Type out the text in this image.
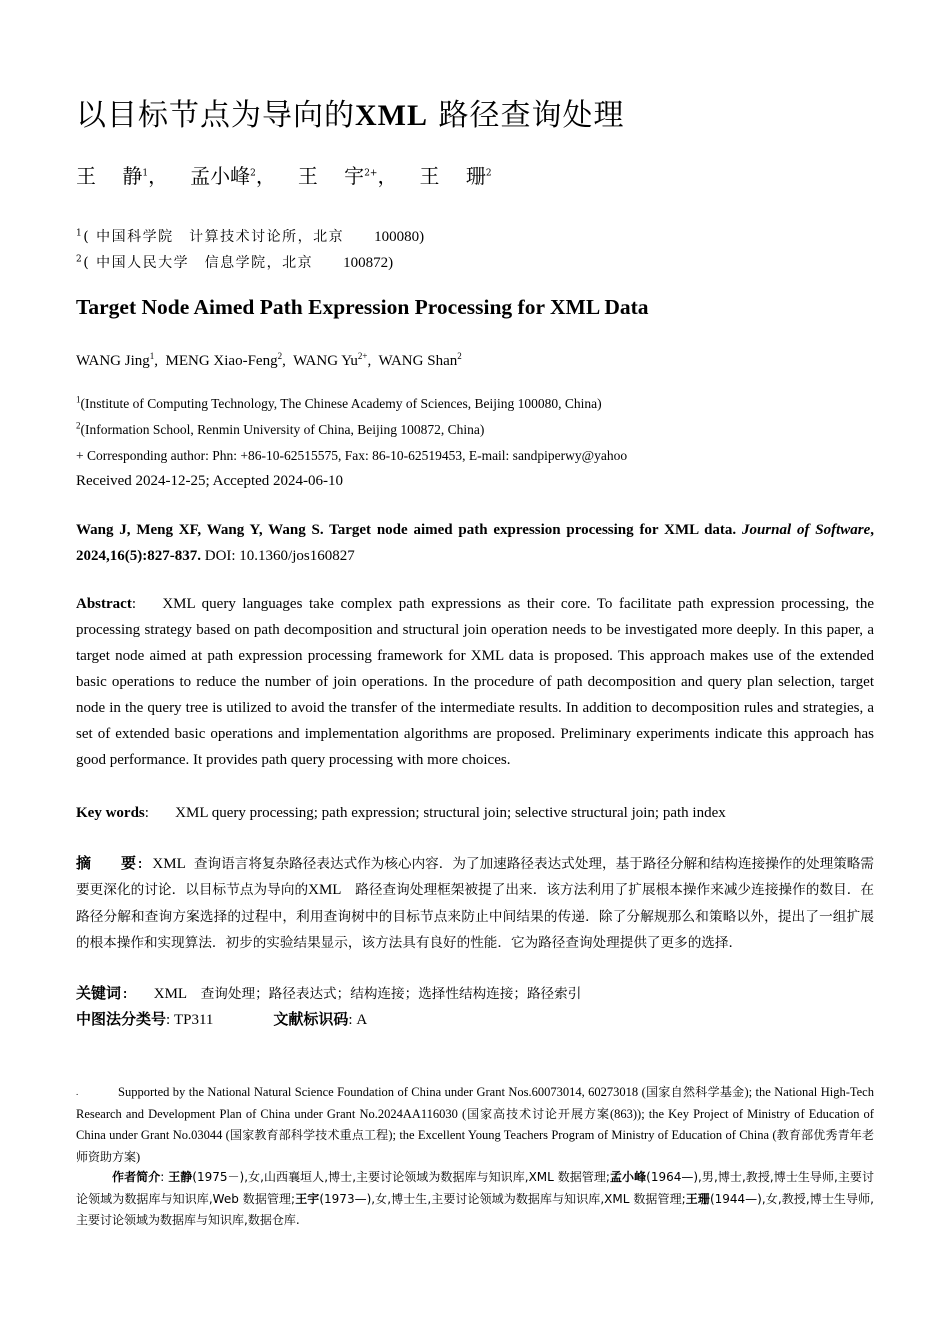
以目标节点为导向的XML 路径查询处理
王　 静$^1$， 孟小峰$^2$， 王　 宇$^{2+}$， 王　 珊$^2$
$^1$( 中国科学院　计算技术讨论所，北京 100080)
$^2$( 中国人民大学　信息学院，北京 100872)
Target Node Aimed Path Expression Processing for XML Data
WANG Jing$^1$,  MENG Xiao-Feng$^2$,  WANG $Yu^{2+}$,  WANG Shan$^2$
$^1$(Institute of Computing Technology, The Chinese Academy of Sciences, Beijing 100080, China)
$^2$(Information School, Renmin University of China, Beijing 100872, China)
+ Corresponding author: Phn: +86-10-62515575, Fax: 86-10-62519453, E-mail: sandpiperwy@yahoo
Received 2024-12-25; Accepted 2024-06-10
Wang J, Meng XF, Wang Y, Wang S. Target node aimed path expression processing for XML data. Journal of Software, 2024,16(5):827-837. DOI: 10.1360/jos160827
Abstract:    XML query languages take complex path expressions as their core. To facilitate path expression processing, the processing strategy based on path decomposition and structural join operation needs to be investigated more deeply. In this paper, a target node aimed at path expression processing framework for XML data is proposed. This approach makes use of the extended basic operations to reduce the number of join operations. In the procedure of path decomposition and query plan selection, target node in the query tree is utilized to avoid the transfer of the intermediate results. In addition to decomposition rules and strategies, a set of extended basic operations and implementation algorithms are proposed. Preliminary experiments indicate this approach has good performance. It provides path query processing with more choices.
Key words:       XML query processing; path expression; structural join; selective structural join; path index
摘　　要: XML 查询语言将复杂路径表达式作为核心内容．为了加速路径表达式处理，基于路径分解和结构连接操作的处理策略需要更深化的讨论．以目标节点为导向的XML　路径查询处理框架被提了出来．该方法利用了扩展根本操作来减少连接操作的数目．在路径分解和查询方案选择的过程中，利用查询树中的目标节点来防止中间结果的传递．除了分解规那么和策略以外，提出了一组扩展的根本操作和实现算法．初步的实验结果显示，该方法具有良好的性能．它为路径查询处理提供了更多的选择．
关键词:   XML　查询处理；路径表达式；结构连接；选择性结构连接；路径索引
中图法分类号: TP311	文献标识码: A
.	Supported by the National Natural Science Foundation of China under Grant Nos.60073014, 60273018 (国家自然科学基金); the National High-Tech Research and Development Plan of China under Grant No.2024AA116030 (国家高技术讨论开展方案(863)); the Key Project of Ministry of Education of China under Grant No.03044 (国家教育部科学技术重点工程); the Excellent Young Teachers Program of Ministry of Education of China (教育部优秀青年老师资助方案)
作者简介: 王静(1975－),女,山西襄垣人,博士,主要讨论领域为数据库与知识库,XML 数据管理;孟小峰(1964—),男,博士,教授,博士生导师,主要讨论领域为数据库与知识库,Web 数据管理;王宇(1973—),女,博士生,主要讨论领域为数据库与知识库,XML 数据管理;王珊(1944—),女,教授,博士生导师,主要讨论领域为数据库与知识库,数据仓库.
